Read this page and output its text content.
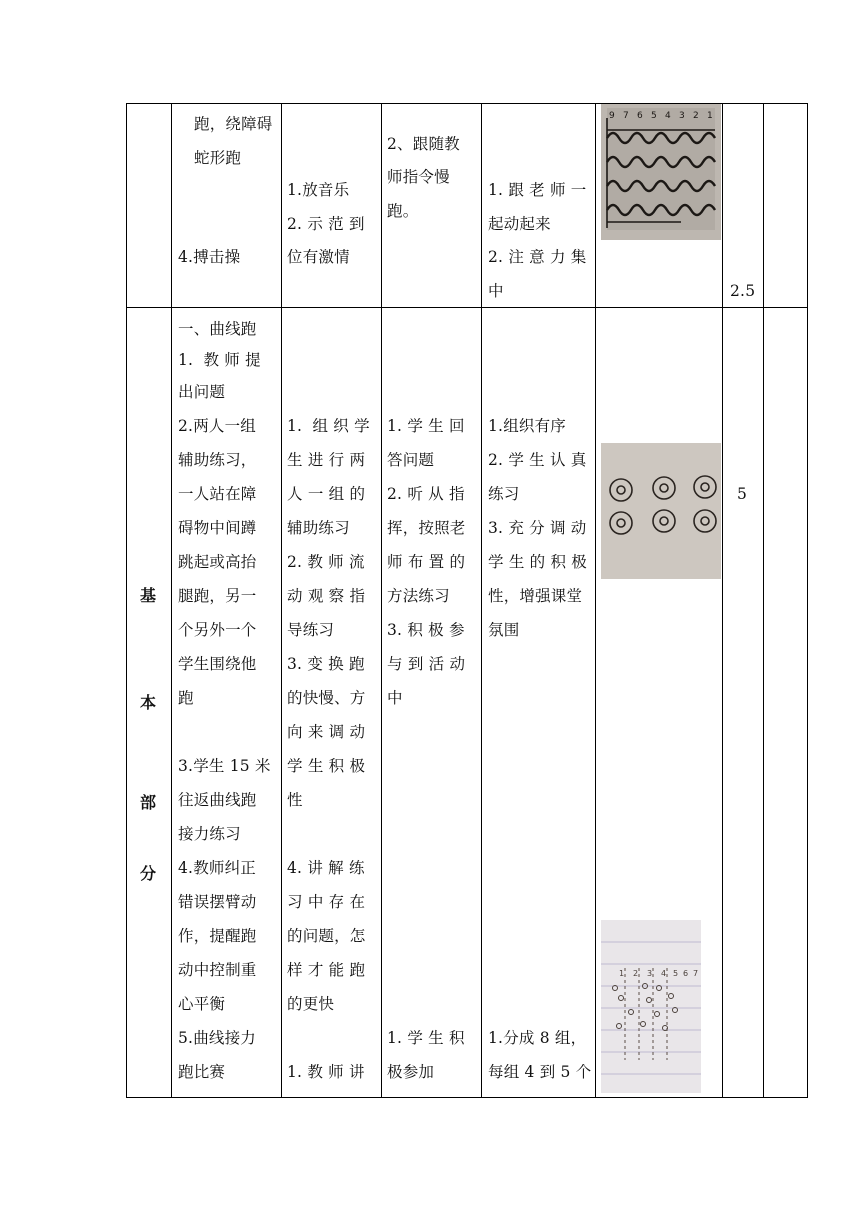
跑，绕障碍
蛇形跑
4.搏击操
1.放音乐
2. 示 范 到
位有激情
2、跟随教
师指令慢
跑。
1. 跟 老 师 一
起动起来
2. 注 意 力 集
中	2.5
9 7 6 5 4 3 2 1
基
本
部
分
一、曲线跑
1.  教 师 提
出问题
2.两人一组
辅助练习，
一人站在障
碍物中间蹲
跳起或高抬
腿跑，另一
个另外一个
学生围绕他
跑
3.学生 15 米
往返曲线跑
接力练习
4.教师纠正
错误摆臂动
作，提醒跑
动中控制重
心平衡
5.曲线接力
跑比赛
1.  组 织 学
生 进 行 两
人 一 组 的
辅助练习
2. 教 师 流
动 观 察 指
导练习
3. 变 换 跑
的快慢、方
向 来 调 动
学 生 积 极
性
4. 讲 解 练
习 中 存 在
的问题，怎
样 才 能 跑
的更快
1. 教 师 讲
1. 学 生 回
答问题
2. 听 从 指
挥，按照老
师 布 置 的
方法练习
3. 积 极 参
与 到 活 动
中
1. 学 生 积
极参加
1.组织有序
2. 学 生 认 真
练习
3. 充 分 调 动
学 生 的 积 极
性，增强课堂
氛围
1.分成 8 组，
每组 4 到 5 个
5
1 2 3 4 5 6 7
